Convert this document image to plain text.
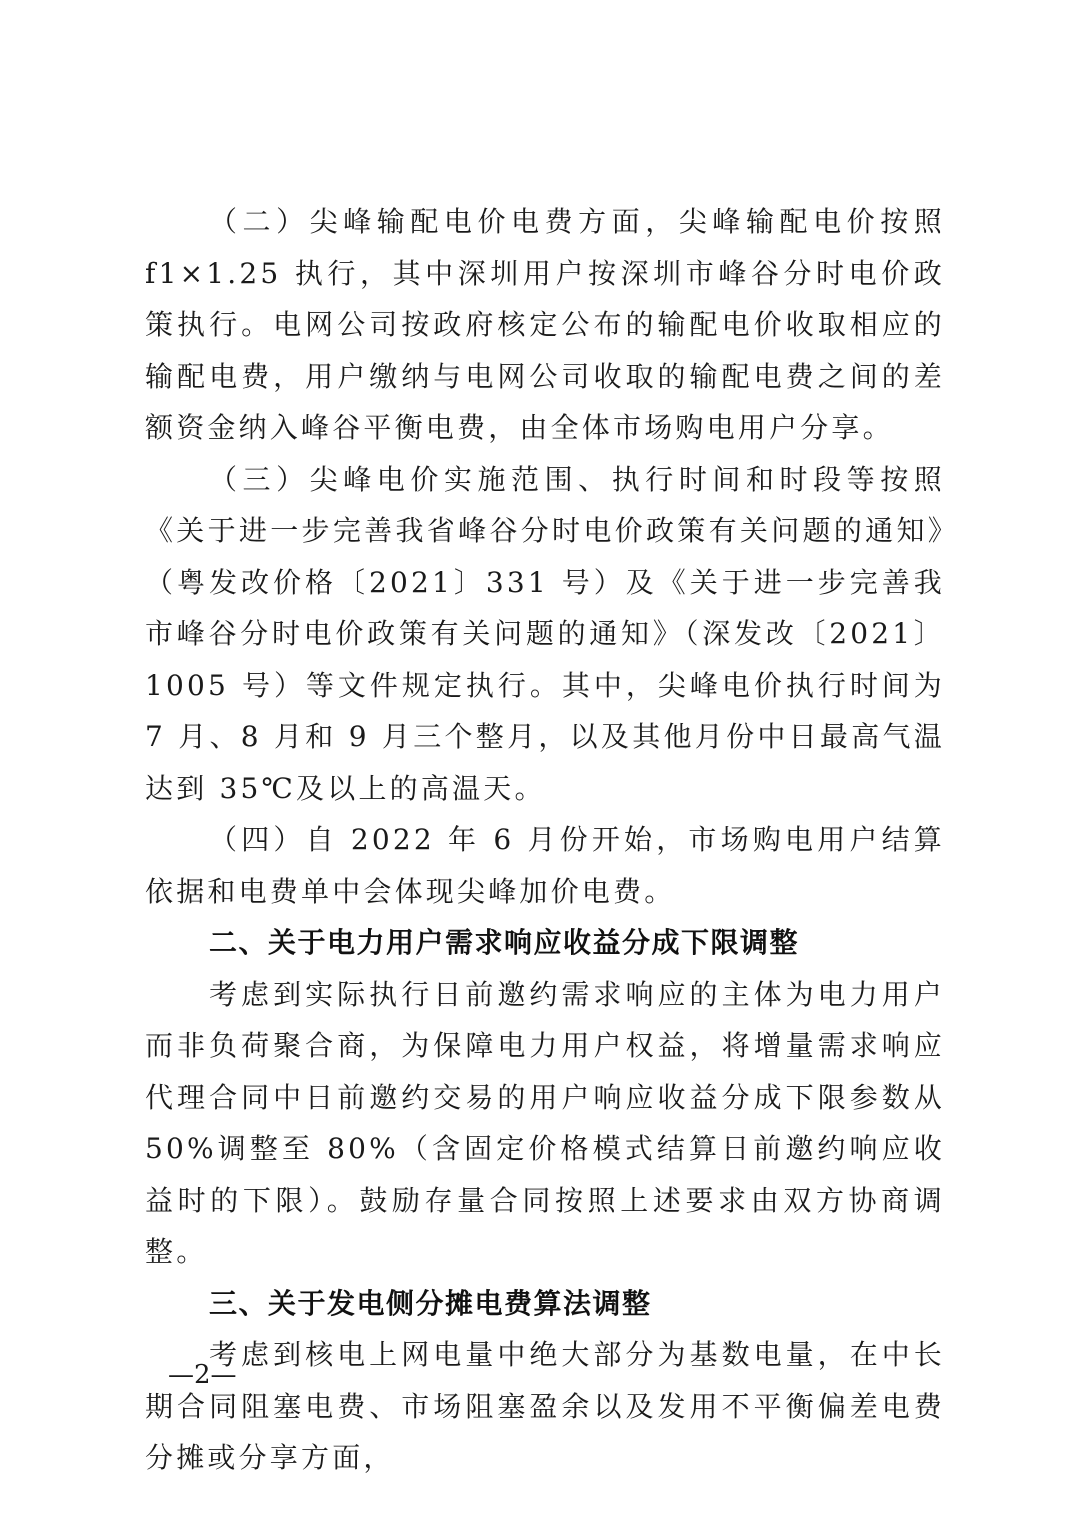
（二）尖峰输配电价电费方面，尖峰输配电价按照 f1×1.25 执行，其中深圳用户按深圳市峰谷分时电价政策执行。电网公司按政府核定公布的输配电价收取相应的输配电费，用户缴纳与电网公司收取的输配电费之间的差额资金纳入峰谷平衡电费，由全体市场购电用户分享。

（三）尖峰电价实施范围、执行时间和时段等按照《关于进一步完善我省峰谷分时电价政策有关问题的通知》（粤发改价格〔2021〕331 号）及《关于进一步完善我市峰谷分时电价政策有关问题的通知》（深发改〔2021〕1005 号）等文件规定执行。其中，尖峰电价执行时间为 7 月、8 月和 9 月三个整月，以及其他月份中日最高气温达到 35℃及以上的高温天。

（四）自 2022 年 6 月份开始，市场购电用户结算依据和电费单中会体现尖峰加价电费。

二、关于电力用户需求响应收益分成下限调整

考虑到实际执行日前邀约需求响应的主体为电力用户而非负荷聚合商，为保障电力用户权益，将增量需求响应代理合同中日前邀约交易的用户响应收益分成下限参数从 50%调整至 80%（含固定价格模式结算日前邀约响应收益时的下限）。鼓励存量合同按照上述要求由双方协商调整。

三、关于发电侧分摊电费算法调整

考虑到核电上网电量中绝大部分为基数电量，在中长期合同阻塞电费、市场阻塞盈余以及发用不平衡偏差电费分摊或分享方面，

—2—
